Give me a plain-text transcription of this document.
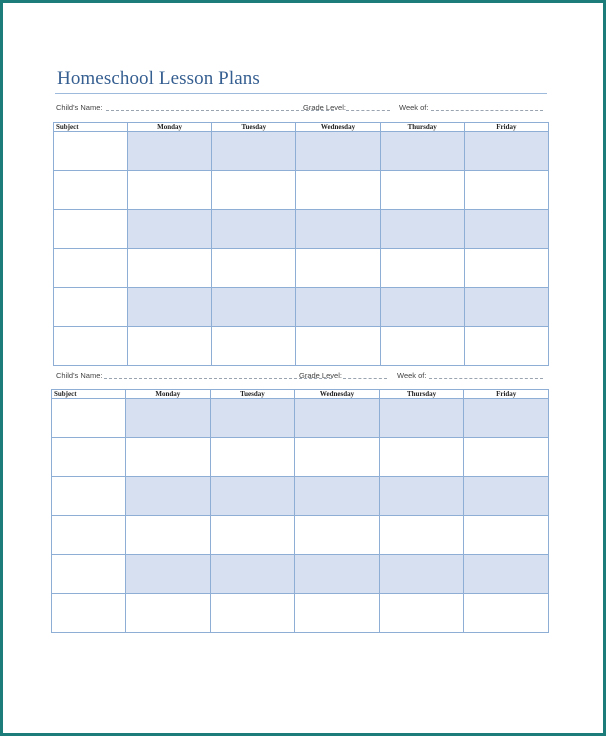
Homeschool Lesson Plans
Child's Name:	Grade Level:	Week of:
Subject	Monday	Tuesday	Wednesday	Thursday	Friday

Child's Name:	Grade Level:	Week of:
Subject	Monday	Tuesday	Wednesday	Thursday	Friday
